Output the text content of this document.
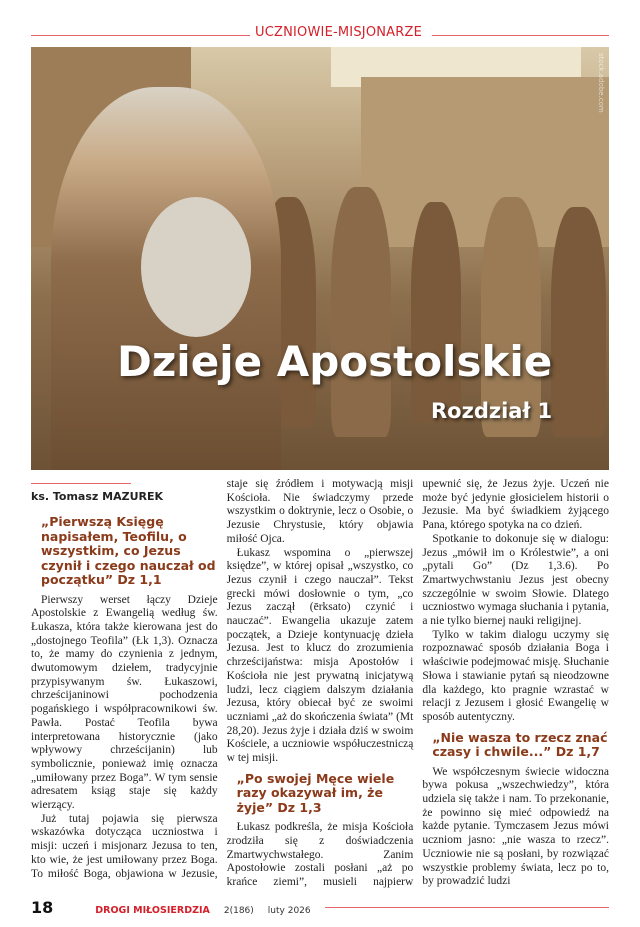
UCZNIOWIE-MISJONARZE
stock.adobe.com
Dzieje Apostolskie
Rozdział 1
ks. Tomasz MAZUREK
„Pierwszą Księgę napisałem, Teofilu, o wszystkim, co Jezus czynił i czego nauczał od początku” Dz 1,1

Pierwszy werset łączy Dzieje Apostolskie z Ewangelią według św. Łukasza, która także kierowana jest do „dostojnego Teofila” (Łk 1,3). Oznacza to, że mamy do czynienia z jednym, dwutomowym dziełem, tradycyjnie przypisywanym św. Łukaszowi, chrześcijaninowi pochodzenia pogańskiego i współpracownikowi św. Pawła. Postać Teofila bywa interpretowana historycznie (jako wpływowy chrześcijanin) lub symbolicznie, ponieważ imię oznacza „umiłowany przez Boga”. W tym sensie adresatem ksiąg staje się każdy wierzący.

Już tutaj pojawia się pierwsza wskazówka dotycząca uczniostwa i misji: uczeń i misjonarz Jezusa to ten, kto wie, że jest umiłowany przez Boga. To miłość Boga, objawiona w Jezusie, staje się źródłem i motywacją misji Kościoła. Nie świadczymy przede wszystkim o doktrynie, lecz o Osobie, o Jezusie Chrystusie, który objawia miłość Ojca.

Łukasz wspomina o „pierwszej księdze”, w której opisał „wszystko, co Jezus czynił i czego nauczał”. Tekst grecki mówi dosłownie o tym, „co Jezus zaczął (ērksato) czynić i nauczać”. Ewangelia ukazuje zatem początek, a Dzieje kontynuację dzieła Jezusa. Jest to klucz do zrozumienia chrześcijaństwa: misja Apostołów i Kościoła nie jest prywatną inicjatywą ludzi, lecz ciągiem dalszym działania Jezusa, który obiecał być ze swoimi uczniami „aż do skończenia świata” (Mt 28,20). Jezus żyje i działa dziś w swoim Kościele, a uczniowie współuczestniczą w tej misji.

„Po swojej Męce wiele razy okazywał im, że żyje” Dz 1,3

Łukasz podkreśla, że misja Kościoła zrodziła się z doświadczenia Zmartwychwstałego. Zanim Apostołowie zostali posłani „aż po krańce ziemi”, musieli najpierw upewnić się, że Jezus żyje. Uczeń nie może być jedynie głosicielem historii o Jezusie. Ma być świadkiem żyjącego Pana, którego spotyka na co dzień.

Spotkanie to dokonuje się w dialogu: Jezus „mówił im o Królestwie”, a oni „pytali Go” (Dz 1,3.6). Po Zmartwychwstaniu Jezus jest obecny szczególnie w swoim Słowie. Dlatego uczniostwo wymaga słuchania i pytania, a nie tylko biernej nauki religijnej.

Tylko w takim dialogu uczymy się rozpoznawać sposób działania Boga i właściwie podejmować misję. Słuchanie Słowa i stawianie pytań są nieodzowne dla każdego, kto pragnie wzrastać w relacji z Jezusem i głosić Ewangelię w sposób autentyczny.

„Nie wasza to rzecz znać czasy i chwile...” Dz 1,7

We współczesnym świecie widoczna bywa pokusa „wszechwiedzy”, która udziela się także i nam. To przekonanie, że powinno się mieć odpowiedź na każde pytanie. Tymczasem Jezus mówi uczniom jasno: „nie wasza to rzecz”. Uczniowie nie są posłani, by rozwiązać wszystkie problemy świata, lecz po to, by prowadzić ludzi

18	DROGI MIŁOSIERDZIA 2(186) luty 2026
